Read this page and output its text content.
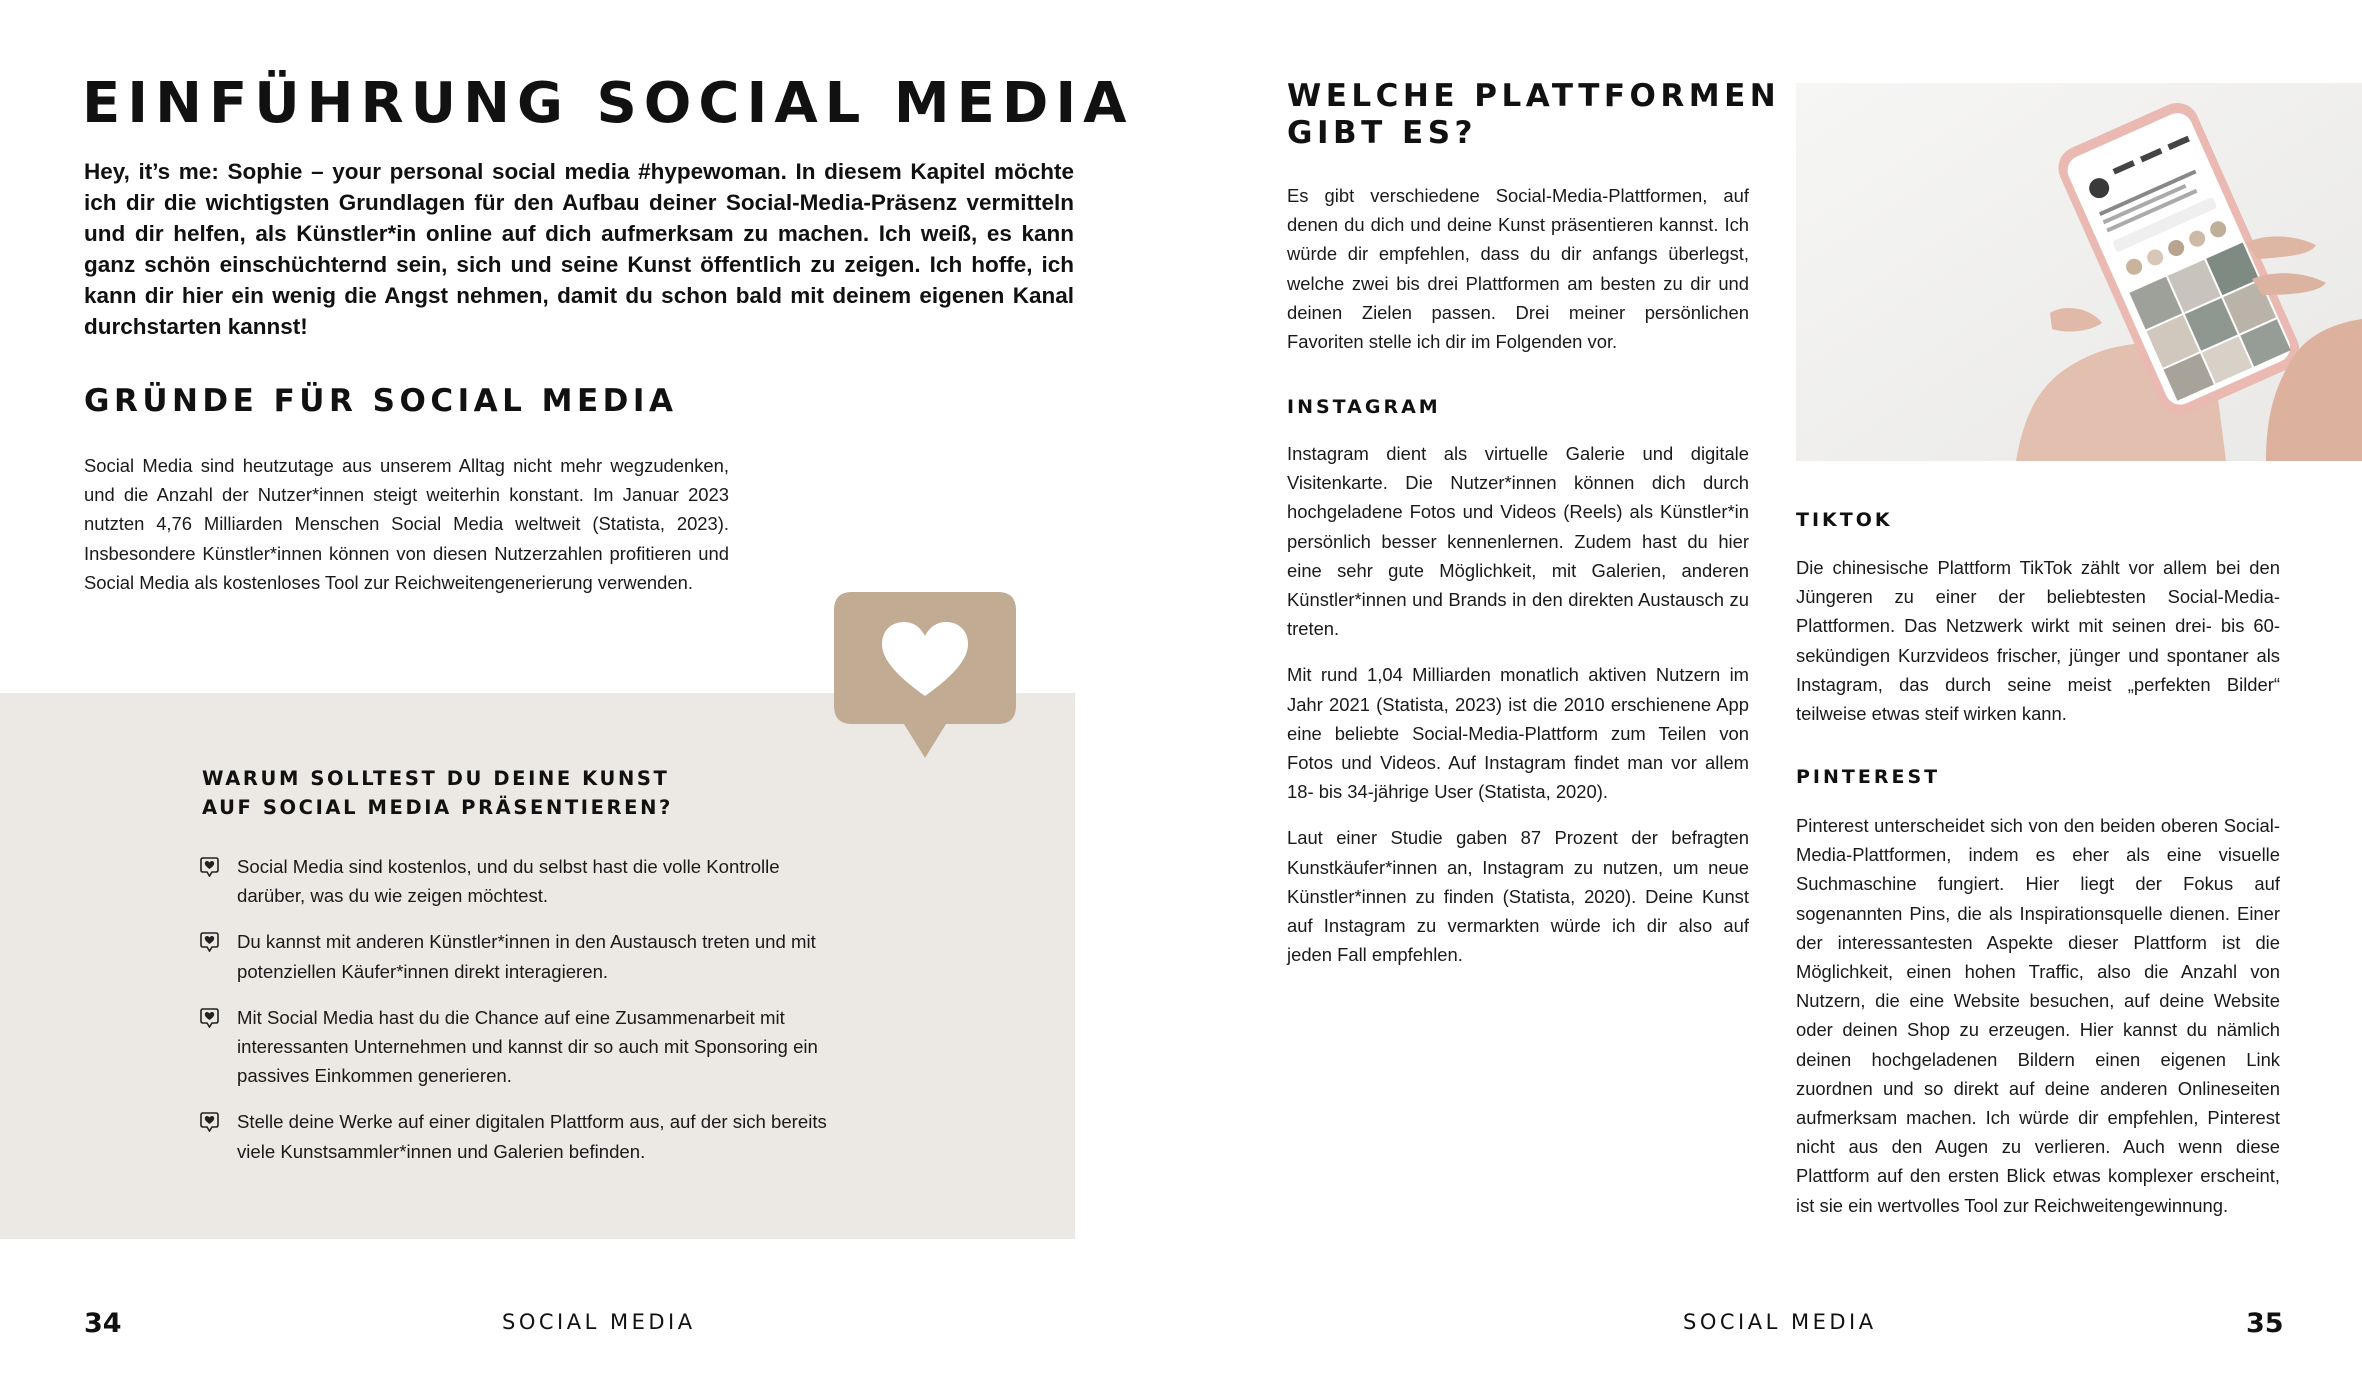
EINFÜHRUNG SOCIAL MEDIA
Hey, it’s me: Sophie – your personal social media #hypewoman. In diesem Kapitel möchte ich dir die wichtigsten Grundlagen für den Aufbau deiner Social-Media-Präsenz vermitteln und dir helfen, als Künstler*in online auf dich aufmerksam zu machen. Ich weiß, es kann ganz schön einschüchternd sein, sich und seine Kunst öffentlich zu zeigen. Ich hoffe, ich kann dir hier ein wenig die Angst nehmen, damit du schon bald mit deinem eigenen Kanal durchstarten kannst!
GRÜNDE FÜR SOCIAL MEDIA
Social Media sind heutzutage aus unserem Alltag nicht mehr wegzudenken, und die Anzahl der Nutzer*innen steigt weiterhin konstant. Im Januar 2023 nutzten 4,76 Milliarden Menschen Social Media weltweit (Statista, 2023). Insbesondere Künstler*innen können von diesen Nutzerzahlen profitieren und Social Media als kostenloses Tool zur Reichweitengenerierung verwenden.
WARUM SOLLTEST DU DEINE KUNST
AUF SOCIAL MEDIA PRÄSENTIEREN?
Social Media sind kostenlos, und du selbst hast die volle Kontrolle darüber, was du wie zeigen möchtest.
Du kannst mit anderen Künstler*innen in den Austausch treten und mit potenziellen Käufer*innen direkt interagieren.
Mit Social Media hast du die Chance auf eine Zusammenarbeit mit interessanten Unternehmen und kannst dir so auch mit Sponsoring ein passives Einkommen generieren.
Stelle deine Werke auf einer digitalen Plattform aus, auf der sich bereits viele Kunstsammler*innen und Galerien befinden.
34	SOCIAL MEDIA
WELCHE PLATTFORMEN
GIBT ES?
Es gibt verschiedene Social-Media-Plattformen, auf denen du dich und deine Kunst präsentieren kannst. Ich würde dir empfehlen, dass du dir anfangs überlegst, welche zwei bis drei Plattformen am besten zu dir und deinen Zielen passen. Drei meiner persönlichen Favoriten stelle ich dir im Folgenden vor.
INSTAGRAM

Instagram dient als virtuelle Galerie und digitale Visitenkarte. Die Nutzer*innen können dich durch hochgeladene Fotos und Videos (Reels) als Künstler*in persönlich besser kennenlernen. Zudem hast du hier eine sehr gute Möglichkeit, mit Galerien, anderen Künstler*innen und Brands in den direkten Austausch zu treten.

Mit rund 1,04 Milliarden monatlich aktiven Nutzern im Jahr 2021 (Statista, 2023) ist die 2010 erschienene App eine beliebte Social-Media-Plattform zum Teilen von Fotos und Videos. Auf Instagram findet man vor allem 18- bis 34-jährige User (Statista, 2020).

Laut einer Studie gaben 87 Prozent der befragten Kunstkäufer*innen an, Instagram zu nutzen, um neue Künstler*innen zu finden (Statista, 2020). Deine Kunst auf Instagram zu vermarkten würde ich dir also auf jeden Fall empfehlen.

TIKTOK
Die chinesische Plattform TikTok zählt vor allem bei den Jüngeren zu einer der beliebtesten Social-Media-Plattformen. Das Netzwerk wirkt mit seinen drei- bis 60-sekündigen Kurzvideos frischer, jünger und spontaner als Instagram, das durch seine meist „perfekten Bilder“ teilweise etwas steif wirken kann.
PINTEREST
Pinterest unterscheidet sich von den beiden oberen Social-Media-Plattformen, indem es eher als eine visuelle Suchmaschine fungiert. Hier liegt der Fokus auf sogenannten Pins, die als Inspirationsquelle dienen. Einer der interessantesten Aspekte dieser Plattform ist die Möglichkeit, einen hohen Traffic, also die Anzahl von Nutzern, die eine Website besuchen, auf deine Website oder deinen Shop zu erzeugen. Hier kannst du nämlich deinen hochgeladenen Bildern einen eigenen Link zuordnen und so direkt auf deine anderen Onlineseiten aufmerksam machen. Ich würde dir empfehlen, Pinterest nicht aus den Augen zu verlieren. Auch wenn diese Plattform auf den ersten Blick etwas komplexer erscheint, ist sie ein wertvolles Tool zur Reichweitengewinnung.
SOCIAL MEDIA	35
